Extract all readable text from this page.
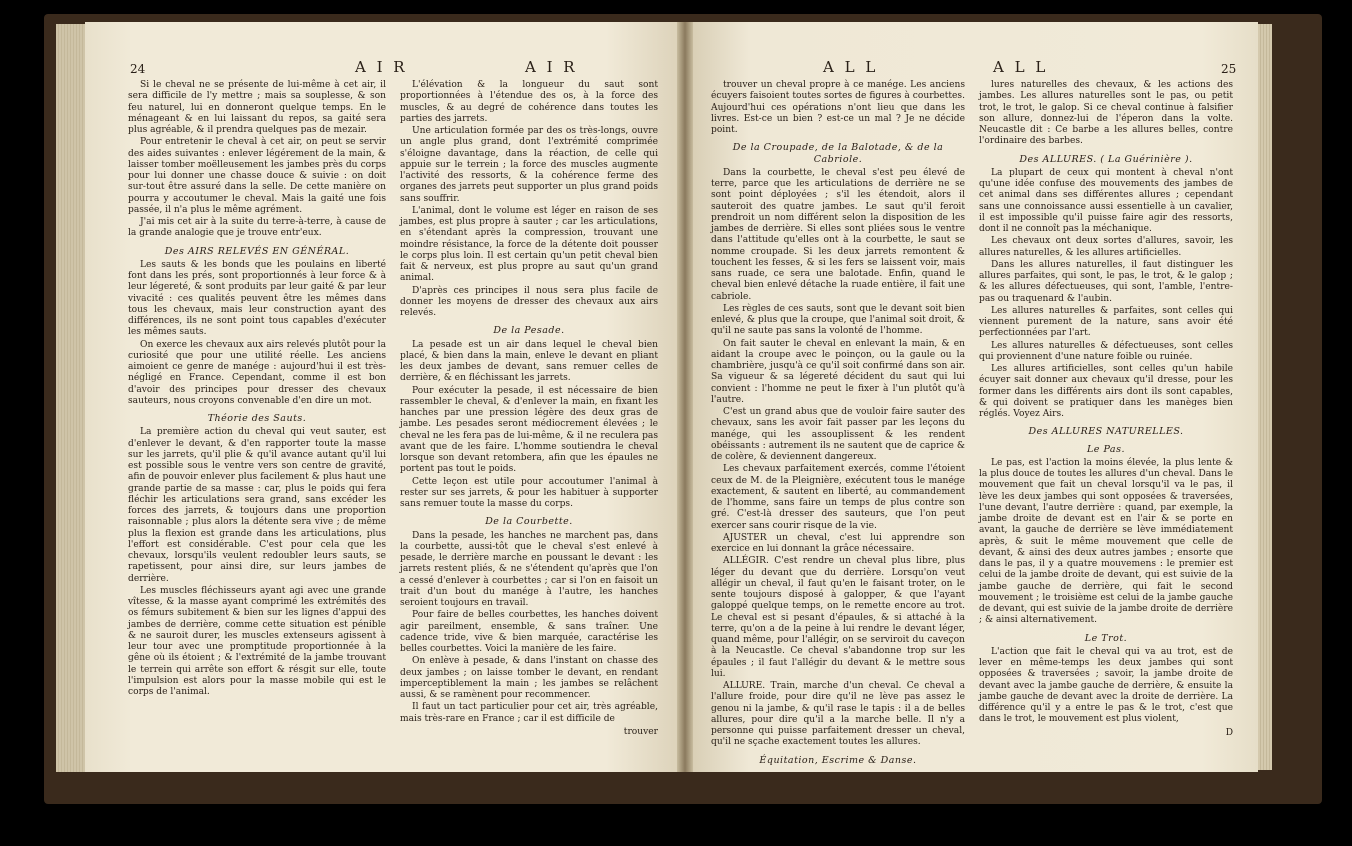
24	A I R	A I R

Si le cheval ne se présente de lui-même à cet air, il sera difficile de l'y mettre ; mais sa souplesse, & son feu naturel, lui en donneront quelque temps. En le ménageant & en lui laissant du repos, sa gaité sera plus agréable, & il prendra quelques pas de mezair.

Pour entretenir le cheval à cet air, on peut se servir des aides suivantes : enlever légérement de la main, & laisser tomber moëlleusement les jambes près du corps pour lui donner une chasse douce & suivie : on doit sur-tout être assuré dans la selle. De cette manière on pourra y accoutumer le cheval. Mais la gaité une fois passée, il n'a plus le même agrément.

J'ai mis cet air à la suite du terre-à-terre, à cause de la grande analogie que je trouve entr'eux.

Des AIRS RELEVÉS EN GÉNÉRAL.

Les sauts & les bonds que les poulains en liberté font dans les prés, sont proportionnés à leur force & à leur légereté, & sont produits par leur gaité & par leur vivacité : ces qualités peuvent être les mêmes dans tous les chevaux, mais leur construction ayant des différences, ils ne sont point tous capables d'exécuter les mêmes sauts.

On exerce les chevaux aux airs relevés plutôt pour la curiosité que pour une utilité réelle. Les anciens aimoient ce genre de manége : aujourd'hui il est très-négligé en France. Cependant, comme il est bon d'avoir des principes pour dresser des chevaux sauteurs, nous croyons convenable d'en dire un mot.

Théorie des Sauts.

La première action du cheval qui veut sauter, est d'enlever le devant, & d'en rapporter toute la masse sur les jarrets, qu'il plie & qu'il avance autant qu'il lui est possible sous le ventre vers son centre de gravité, afin de pouvoir enlever plus facilement & plus haut une grande partie de sa masse : car, plus le poids qui fera fléchir les articulations sera grand, sans excéder les forces des jarrets, & toujours dans une proportion raisonnable ; plus alors la détente sera vive ; de même plus la flexion est grande dans les articulations, plus l'effort est considérable. C'est pour cela que les chevaux, lorsqu'ils veulent redoubler leurs sauts, se rapetissent, pour ainsi dire, sur leurs jambes de derrière.

Les muscles fléchisseurs ayant agi avec une grande vîtesse, & la masse ayant comprimé les extrémités des os fémurs subitement & bien sur les lignes d'appui des jambes de derrière, comme cette situation est pénible & ne sauroit durer, les muscles extenseurs agissent à leur tour avec une promptitude proportionnée à la gêne où ils étoient ; & l'extrémité de la jambe trouvant le terrein qui arrête son effort & résgit sur elle, toute l'impulsion est alors pour la masse mobile qui est le corps de l'animal.

L'élévation & la longueur du saut sont proportionnées à l'étendue des os, à la force des muscles, & au degré de cohérence dans toutes les parties des jarrets.

Une articulation formée par des os très-longs, ouvre un angle plus grand, dont l'extrémité comprimée s'éloigne davantage, dans la réaction, de celle qui appuie sur le terrein ; la force des muscles augmente l'activité des ressorts, & la cohérence ferme des organes des jarrets peut supporter un plus grand poids sans souffrir.

L'animal, dont le volume est léger en raison de ses jambes, est plus propre à sauter ; car les articulations, en s'étendant après la compression, trouvant une moindre résistance, la force de la détente doit pousser le corps plus loin. Il est certain qu'un petit cheval bien fait & nerveux, est plus propre au saut qu'un grand animal.

D'après ces principes il nous sera plus facile de donner les moyens de dresser des chevaux aux airs relevés.

De la Pesade.

La pesade est un air dans lequel le cheval bien placé, & bien dans la main, enleve le devant en pliant les deux jambes de devant, sans remuer celles de derrière, & en fléchissant les jarrets.

Pour exécuter la pesade, il est nécessaire de bien rassembler le cheval, & d'enlever la main, en fixant les hanches par une pression légère des deux gras de jambe. Les pesades seront médiocrement élevées ; le cheval ne les fera pas de lui-même, & il ne reculera pas avant que de les faire. L'homme soutiendra le cheval lorsque son devant retombera, afin que les épaules ne portent pas tout le poids.

Cette leçon est utile pour accoutumer l'animal à rester sur ses jarrets, & pour les habituer à supporter sans remuer toute la masse du corps.

De la Courbette.

Dans la pesade, les hanches ne marchent pas, dans la courbette, aussi-tôt que le cheval s'est enlevé à pesade, le derrière marche en poussant le devant : les jarrets restent pliés, & ne s'étendent qu'après que l'on a cessé d'enlever à courbettes ; car si l'on en faisoit un trait d'un bout du manége à l'autre, les hanches seroient toujours en travail.

Pour faire de belles courbettes, les hanches doivent agir pareilment, ensemble, & sans traîner. Une cadence tride, vive & bien marquée, caractérise les belles courbettes. Voici la manière de les faire.

On enlève à pesade, & dans l'instant on chasse des deux jambes ; on laisse tomber le devant, en rendant imperceptiblement la main ; les jambes se relâchent aussi, & se ramènent pour recommencer.

Il faut un tact particulier pour cet air, très agréable, mais très-rare en France ; car il est difficile de

trouver
A L L	A L L	25

trouver un cheval propre à ce manége. Les anciens écuyers faisoient toutes sortes de figures à courbettes. Aujourd'hui ces opérations n'ont lieu que dans les livres. Est-ce un bien ? est-ce un mal ? Je ne décide point.

De la Croupade, de la Balotade, & de la Cabriole.

Dans la courbette, le cheval s'est peu élevé de terre, parce que les articulations de derrière ne se sont point déployées ; s'il les étendoit, alors il sauteroit des quatre jambes. Le saut qu'il feroit prendroit un nom différent selon la disposition de les jambes de derrière. Si elles sont pliées sous le ventre dans l'attitude qu'elles ont à la courbette, le saut se nomme croupade. Si les deux jarrets remontent & touchent les fesses, & si les fers se laissent voir, mais sans ruade, ce sera une balotade. Enfin, quand le cheval bien enlevé détache la ruade entière, il fait une cabriole.

Les règles de ces sauts, sont que le devant soit bien enlevé, & plus que la croupe, que l'animal soit droit, & qu'il ne saute pas sans la volonté de l'homme.

On fait sauter le cheval en enlevant la main, & en aidant la croupe avec le poinçon, ou la gaule ou la chambrière, jusqu'à ce qu'il soit confirmé dans son air. Sa vigueur & sa légereté décident du saut qui lui convient : l'homme ne peut le fixer à l'un plutôt qu'à l'autre.

C'est un grand abus que de vouloir faire sauter des chevaux, sans les avoir fait passer par les leçons du manége, qui les assouplissent & les rendent obéissants : autrement ils ne sautent que de caprice & de colère, & deviennent dangereux.

Les chevaux parfaitement exercés, comme l'étoient ceux de M. de la Pleignière, exécutent tous le manége exactement, & sautent en liberté, au commandement de l'homme, sans faire un temps de plus contre son gré. C'est-là dresser des sauteurs, que l'on peut exercer sans courir risque de la vie.

AJUSTER un cheval, c'est lui apprendre son exercice en lui donnant la grâce nécessaire.

ALLÉGIR. C'est rendre un cheval plus libre, plus léger du devant que du derrière. Lorsqu'on veut allégir un cheval, il faut qu'en le faisant troter, on le sente toujours disposé à galopper, & que l'ayant galoppé quelque temps, on le remette encore au trot. Le cheval est si pesant d'épaules, & si attaché à la terre, qu'on a de la peine à lui rendre le devant léger, quand même, pour l'allégir, on se serviroit du caveçon à la Neucastle. Ce cheval s'abandonne trop sur les épaules ; il faut l'allégir du devant & le mettre sous lui.

ALLURE. Train, marche d'un cheval. Ce cheval a l'allure froide, pour dire qu'il ne lève pas assez le genou ni la jambe, & qu'il rase le tapis : il a de belles allures, pour dire qu'il a la marche belle. Il n'y a personne qui puisse parfaitement dresser un cheval, qu'il ne sçache exactement toutes les allures.

Équitation, Escrime & Danse.

lures naturelles des chevaux, & les actions des jambes. Les allures naturelles sont le pas, ou petit trot, le trot, le galop. Si ce cheval continue à falsifier son allure, donnez-lui de l'éperon dans la volte. Neucastle dit : Ce barbe a les allures belles, contre l'ordinaire des barbes.

Des ALLURES. ( La Guérinière ).

La plupart de ceux qui montent à cheval n'ont qu'une idée confuse des mouvements des jambes de cet animal dans ses différentes allures ; cependant sans une connoissance aussi essentielle à un cavalier, il est impossible qu'il puisse faire agir des ressorts, dont il ne connoît pas la méchanique.

Les chevaux ont deux sortes d'allures, savoir, les allures naturelles, & les allures artificielles.

Dans les allures naturelles, il faut distinguer les allures parfaites, qui sont, le pas, le trot, & le galop ; & les allures défectueuses, qui sont, l'amble, l'entre-pas ou traquenard & l'aubin.

Les allures naturelles & parfaites, sont celles qui viennent purement de la nature, sans avoir été perfectionnées par l'art.

Les allures naturelles & défectueuses, sont celles qui proviennent d'une nature foible ou ruinée.

Les allures artificielles, sont celles qu'un habile écuyer sait donner aux chevaux qu'il dresse, pour les former dans les différents airs dont ils sont capables, & qui doivent se pratiquer dans les manèges bien réglés. Voyez Airs.

Des ALLURES NATURELLES.
Le Pas.

Le pas, est l'action la moins élevée, la plus lente & la plus douce de toutes les allures d'un cheval. Dans le mouvement que fait un cheval lorsqu'il va le pas, il lève les deux jambes qui sont opposées & traversées, l'une devant, l'autre derrière : quand, par exemple, la jambe droite de devant est en l'air & se porte en avant, la gauche de derrière se lève immédiatement après, & suit le même mouvement que celle de devant, & ainsi des deux autres jambes ; ensorte que dans le pas, il y a quatre mouvemens : le premier est celui de la jambe droite de devant, qui est suivie de la jambe gauche de derrière, qui fait le second mouvement ; le troisième est celui de la jambe gauche de devant, qui est suivie de la jambe droite de derrière ; & ainsi alternativement.

Le Trot.

L'action que fait le cheval qui va au trot, est de lever en même-temps les deux jambes qui sont opposées & traversées ; savoir, la jambe droite de devant avec la jambe gauche de derrière, & ensuite la jambe gauche de devant avec la droite de derrière. La différence qu'il y a entre le pas & le trot, c'est que dans le trot, le mouvement est plus violent,

D
